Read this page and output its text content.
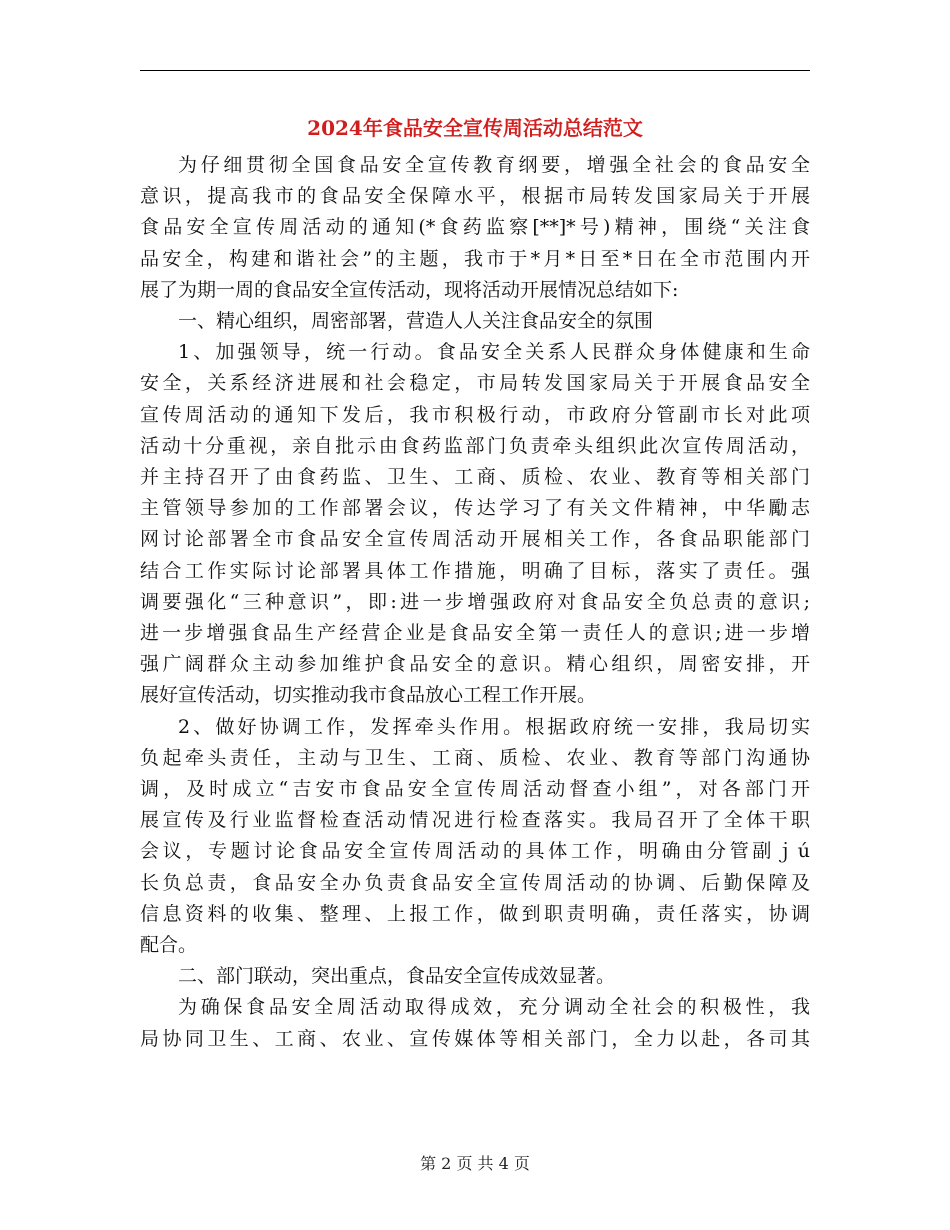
2024年食品安全宣传周活动总结范文

为仔细贯彻全国食品安全宣传教育纲要，增强全社会的食品安全
意识，提高我市的食品安全保障水平，根据市局转发国家局关于开展
食品安全宣传周活动的通知(*食药监察[**]*号)精神，围绕“关注食
品安全，构建和谐社会”的主题，我市于*月*日至*日在全市范围内开
展了为期一周的食品安全宣传活动，现将活动开展情况总结如下:

一、精心组织，周密部署，营造人人关注食品安全的氛围

1、加强领导，统一行动。食品安全关系人民群众身体健康和生命
安全，关系经济进展和社会稳定，市局转发国家局关于开展食品安全
宣传周活动的通知下发后，我市积极行动，市政府分管副市长对此项
活动十分重视，亲自批示由食药监部门负责牵头组织此次宣传周活动，
并主持召开了由食药监、卫生、工商、质检、农业、教育等相关部门
主管领导参加的工作部署会议，传达学习了有关文件精神，中华勵志
网讨论部署全市食品安全宣传周活动开展相关工作，各食品职能部门
结合工作实际讨论部署具体工作措施，明确了目标，落实了责任。强
调要强化“三种意识”，即:进一步增强政府对食品安全负总责的意识;
进一步增强食品生产经营企业是食品安全第一责任人的意识;进一步增
强广阔群众主动参加维护食品安全的意识。精心组织，周密安排，开
展好宣传活动，切实推动我市食品放心工程工作开展。

2、做好协调工作，发挥牵头作用。根据政府统一安排，我局切实
负起牵头责任，主动与卫生、工商、质检、农业、教育等部门沟通协
调，及时成立“吉安市食品安全宣传周活动督查小组”，对各部门开
展宣传及行业监督检查活动情况进行检查落实。我局召开了全体干职
会议，专题讨论食品安全宣传周活动的具体工作，明确由分管副ｊú
长负总责，食品安全办负责食品安全宣传周活动的协调、后勤保障及
信息资料的收集、整理、上报工作，做到职责明确，责任落实，协调
配合。

二、部门联动，突出重点，食品安全宣传成效显著。

为确保食品安全周活动取得成效，充分调动全社会的积极性，我
局协同卫生、工商、农业、宣传媒体等相关部门，全力以赴，各司其

第 2 页 共 4 页
